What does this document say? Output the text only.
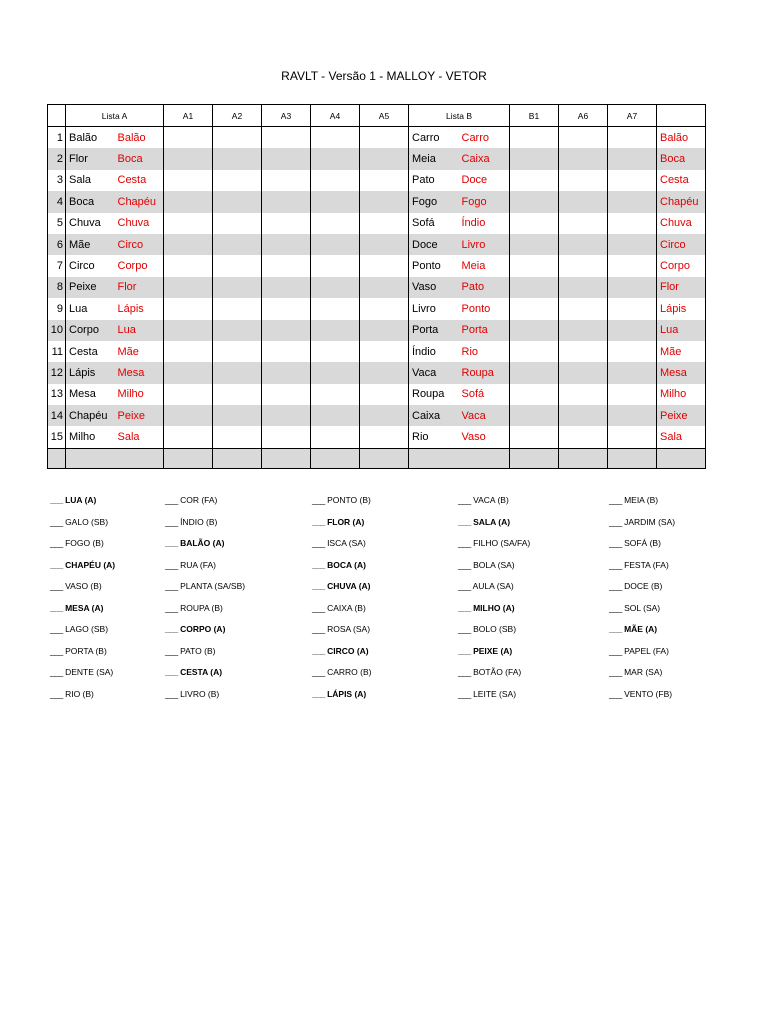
RAVLT - Versão 1 - MALLOY - VETOR
	Lista A		A1	A2	A3	A4	A5	Lista B		B1	A6	A7	
1	Balão	Balão						Carro	Carro				Balão
2	Flor	Boca						Meia	Caixa				Boca
3	Sala	Cesta						Pato	Doce				Cesta
4	Boca	Chapéu						Fogo	Fogo				Chapéu
5	Chuva	Chuva						Sofá	Índio				Chuva
6	Mãe	Circo						Doce	Livro				Circo
7	Circo	Corpo						Ponto	Meia				Corpo
8	Peixe	Flor						Vaso	Pato				Flor
9	Lua	Lápis						Livro	Ponto				Lápis
10	Corpo	Lua						Porta	Porta				Lua
11	Cesta	Mãe						Índio	Rio				Mãe
12	Lápis	Mesa						Vaca	Roupa				Mesa
13	Mesa	Milho						Roupa	Sofá				Milho
14	Chapéu	Peixe						Caixa	Vaca				Peixe
15	Milho	Sala						Rio	Vaso				Sala

___ LUA (A)
___ GALO (SB)
___ FOGO (B)
___ CHAPÉU (A)
___ VASO (B)
___ MESA (A)
___ LAGO (SB)
___ PORTA (B)
___ DENTE (SA)
___ RIO (B)
___ COR (FA)
___ ÍNDIO (B)
___ BALÃO (A)
___ RUA (FA)
___ PLANTA (SA/SB)
___ ROUPA (B)
___ CORPO (A)
___ PATO (B)
___ CESTA (A)
___ LIVRO (B)
___ PONTO (B)
___ FLOR (A)
___ ISCA (SA)
___ BOCA (A)
___ CHUVA (A)
___ CAIXA (B)
___ ROSA (SA)
___ CIRCO (A)
___ CARRO (B)
___ LÁPIS (A)
___ VACA (B)
___ SALA (A)
___ FILHO (SA/FA)
___ BOLA (SA)
___ AULA (SA)
___ MILHO (A)
___ BOLO (SB)
___ PEIXE (A)
___ BOTÃO (FA)
___ LEITE (SA)
___ MEIA (B)
___ JARDIM (SA)
___ SOFÁ (B)
___ FESTA (FA)
___ DOCE (B)
___ SOL (SA)
___ MÃE (A)
___ PAPEL (FA)
___ MAR (SA)
___ VENTO (FB)
